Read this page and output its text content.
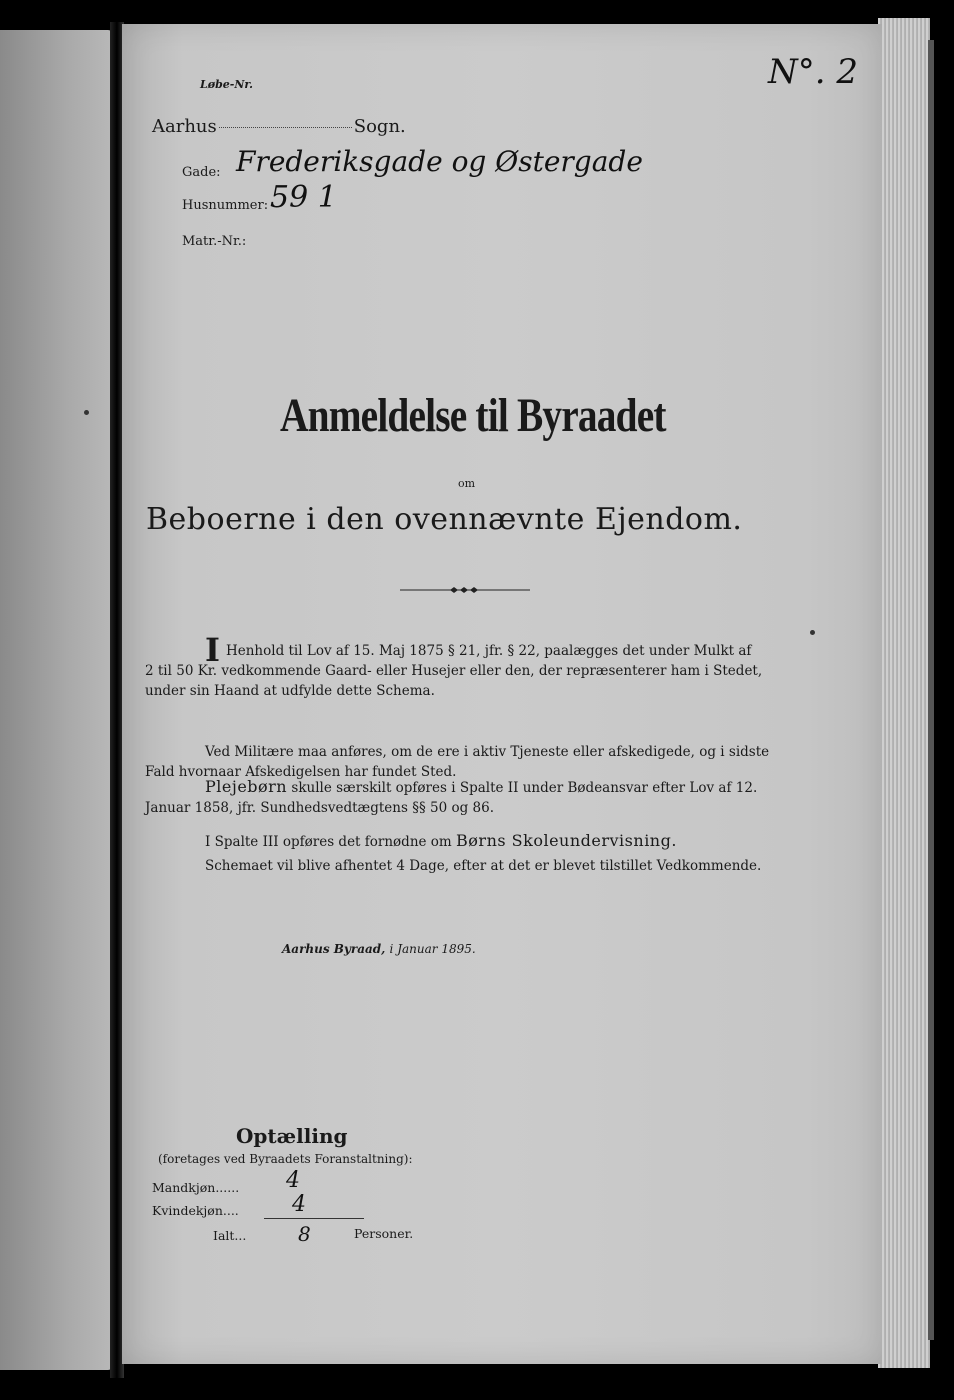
Løbe-Nr.	N°. 2
Aarhus	Sogn.
Gade: Frederiksgade og Østergade
Husnummer: 59 1
Matr.-Nr.:
Anmeldelse til Byraadet
om
Beboerne i den ovennævnte Ejendom.
I Henhold til Lov af 15. Maj 1875 § 21, jfr. § 22, paalægges det under Mulkt af
2 til 50 Kr. vedkommende Gaard- eller Husejer eller den, der repræsenterer ham i Stedet, under sin Haand at udfylde dette Schema.
Ved Militære maa anføres, om de ere i aktiv Tjeneste eller afskedigede, og i sidste
Fald hvornaar Afskedigelsen har fundet Sted.
Plejebørn skulle særskilt opføres i Spalte II under Bødeansvar efter Lov af 12.
Januar 1858, jfr. Sundhedsvedtægtens §§ 50 og 86.
I Spalte III opføres det fornødne om Børns Skoleundervisning.
Schemaet vil blive afhentet 4 Dage, efter at det er blevet tilstillet Vedkommende.
Aarhus Byraad, i Januar 1895.
Optælling
(foretages ved Byraadets Foranstaltning):
Mandkjøn...... 4
Kvindekjøn.... 4
Ialt...	8	Personer.
